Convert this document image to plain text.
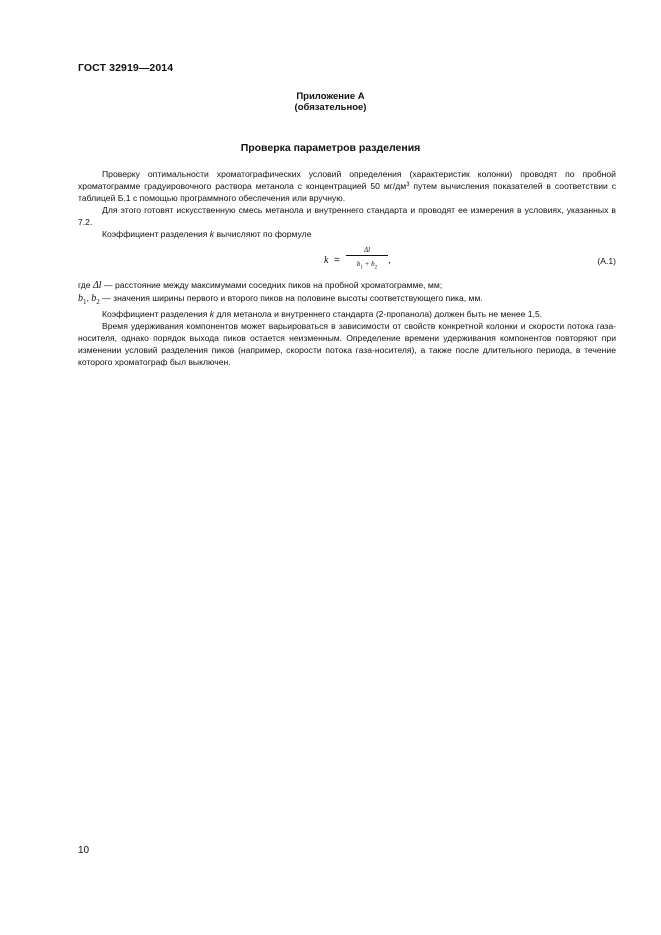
ГОСТ 32919—2014
Приложение А
(обязательное)
Проверка параметров разделения

Проверку оптимальности хроматографических условий определения (характеристик колонки) проводят по пробной хроматограмме градуировочного раствора метанола с концентрацией 50 $мг/дм^3$ путем вычисления показателей в соответствии с таблицей Б.1 с помощью программного обеспечения или вручную.

Для этого готовят искусственную смесь метанола и внутреннего стандарта и проводят ее измерения в условиях, указанных в 7.2.

Коэффициент разделения k вычисляют по формуле

k =
Δl
$b_1 + b_2$
,	(А.1)

где Δl — расстояние между максимумами соседних пиков на пробной хроматограмме, мм;

$b_1$, $b_2$ — значения ширины первого и второго пиков на половине высоты соответствующего пика, мм.

Коэффициент разделения k для метанола и внутреннего стандарта (2-пропанола) должен быть не менее 1,5.

Время удерживания компонентов может варьироваться в зависимости от свойств конкретной колонки и скорости потока газа-носителя, однако порядок выхода пиков остается неизменным. Определение времени удерживания компонентов повторяют при изменении условий разделения пиков (например, скорости потока газа-носителя), а также после длительного периода, в течение которого хроматограф был выключен.

10
